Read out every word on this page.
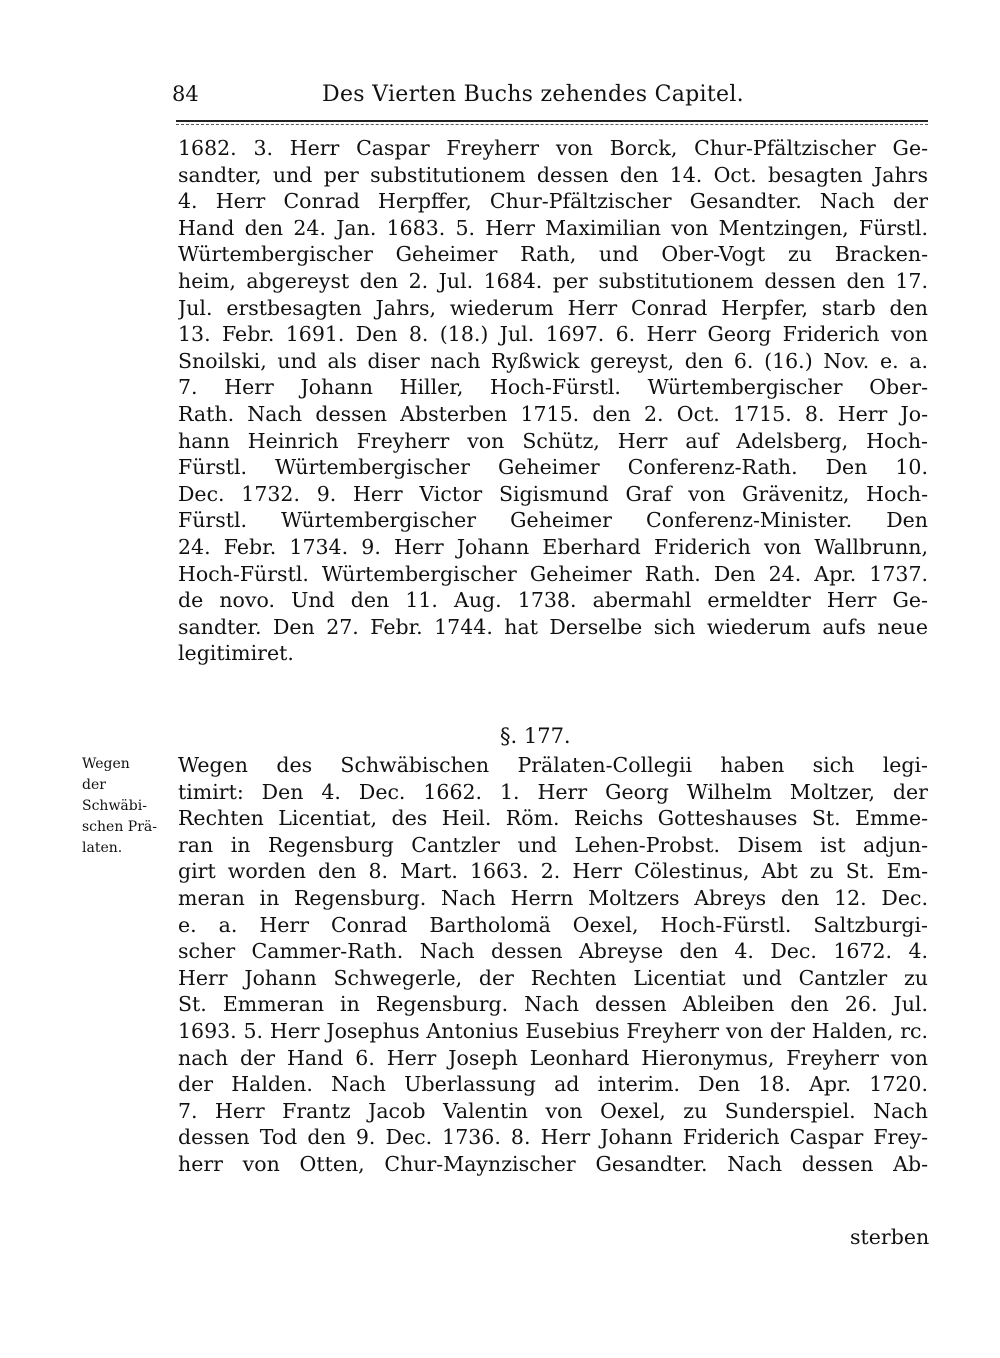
84	Des Vierten Buchs zehendes Capitel.
1682. 3. Herr Caspar Freyherr von Borck, Chur-Pfältzischer Ge-
sandter, und per substitutionem dessen den 14. Oct. besagten Jahrs
4. Herr Conrad Herpffer, Chur-Pfältzischer Gesandter. Nach der
Hand den 24. Jan. 1683. 5. Herr Maximilian von Mentzingen, Fürstl.
Würtembergischer Geheimer Rath, und Ober-Vogt zu Bracken-
heim, abgereyst den 2. Jul. 1684. per substitutionem dessen den 17.
Jul. erstbesagten Jahrs, wiederum Herr Conrad Herpfer, starb den
13. Febr. 1691. Den 8. (18.) Jul. 1697. 6. Herr Georg Friderich von
Snoilski, und als diser nach Ryßwick gereyst, den 6. (16.) Nov. e. a.
7. Herr Johann Hiller, Hoch-Fürstl. Würtembergischer Ober-
Rath. Nach dessen Absterben 1715. den 2. Oct. 1715. 8. Herr Jo-
hann Heinrich Freyherr von Schütz, Herr auf Adelsberg, Hoch-
Fürstl. Würtembergischer Geheimer Conferenz-Rath. Den 10.
Dec. 1732. 9. Herr Victor Sigismund Graf von Grävenitz, Hoch-
Fürstl. Würtembergischer Geheimer Conferenz-Minister. Den
24. Febr. 1734. 9. Herr Johann Eberhard Friderich von Wallbrunn,
Hoch-Fürstl. Würtembergischer Geheimer Rath. Den 24. Apr. 1737.
de novo. Und den 11. Aug. 1738. abermahl ermeldter Herr Ge-
sandter. Den 27. Febr. 1744. hat Derselbe sich wiederum aufs neue
legitimiret.
§. 177.
Wegen
der
Schwäbi-
schen Prä-
laten.
Wegen des Schwäbischen Prälaten-Collegii haben sich legi-
timirt: Den 4. Dec. 1662. 1. Herr Georg Wilhelm Moltzer, der
Rechten Licentiat, des Heil. Röm. Reichs Gotteshauses St. Emme-
ran in Regensburg Cantzler und Lehen-Probst. Disem ist adjun-
girt worden den 8. Mart. 1663. 2. Herr Cölestinus, Abt zu St. Em-
meran in Regensburg. Nach Herrn Moltzers Abreys den 12. Dec.
e. a. Herr Conrad Bartholomä Oexel, Hoch-Fürstl. Saltzburgi-
scher Cammer-Rath. Nach dessen Abreyse den 4. Dec. 1672. 4.
Herr Johann Schwegerle, der Rechten Licentiat und Cantzler zu
St. Emmeran in Regensburg. Nach dessen Ableiben den 26. Jul.
1693. 5. Herr Josephus Antonius Eusebius Freyherr von der Halden, rc.
nach der Hand 6. Herr Joseph Leonhard Hieronymus, Freyherr von
der Halden. Nach Uberlassung ad interim. Den 18. Apr. 1720.
7. Herr Frantz Jacob Valentin von Oexel, zu Sunderspiel. Nach
dessen Tod den 9. Dec. 1736. 8. Herr Johann Friderich Caspar Frey-
herr von Otten, Chur-Maynzischer Gesandter. Nach dessen Ab-
sterben
